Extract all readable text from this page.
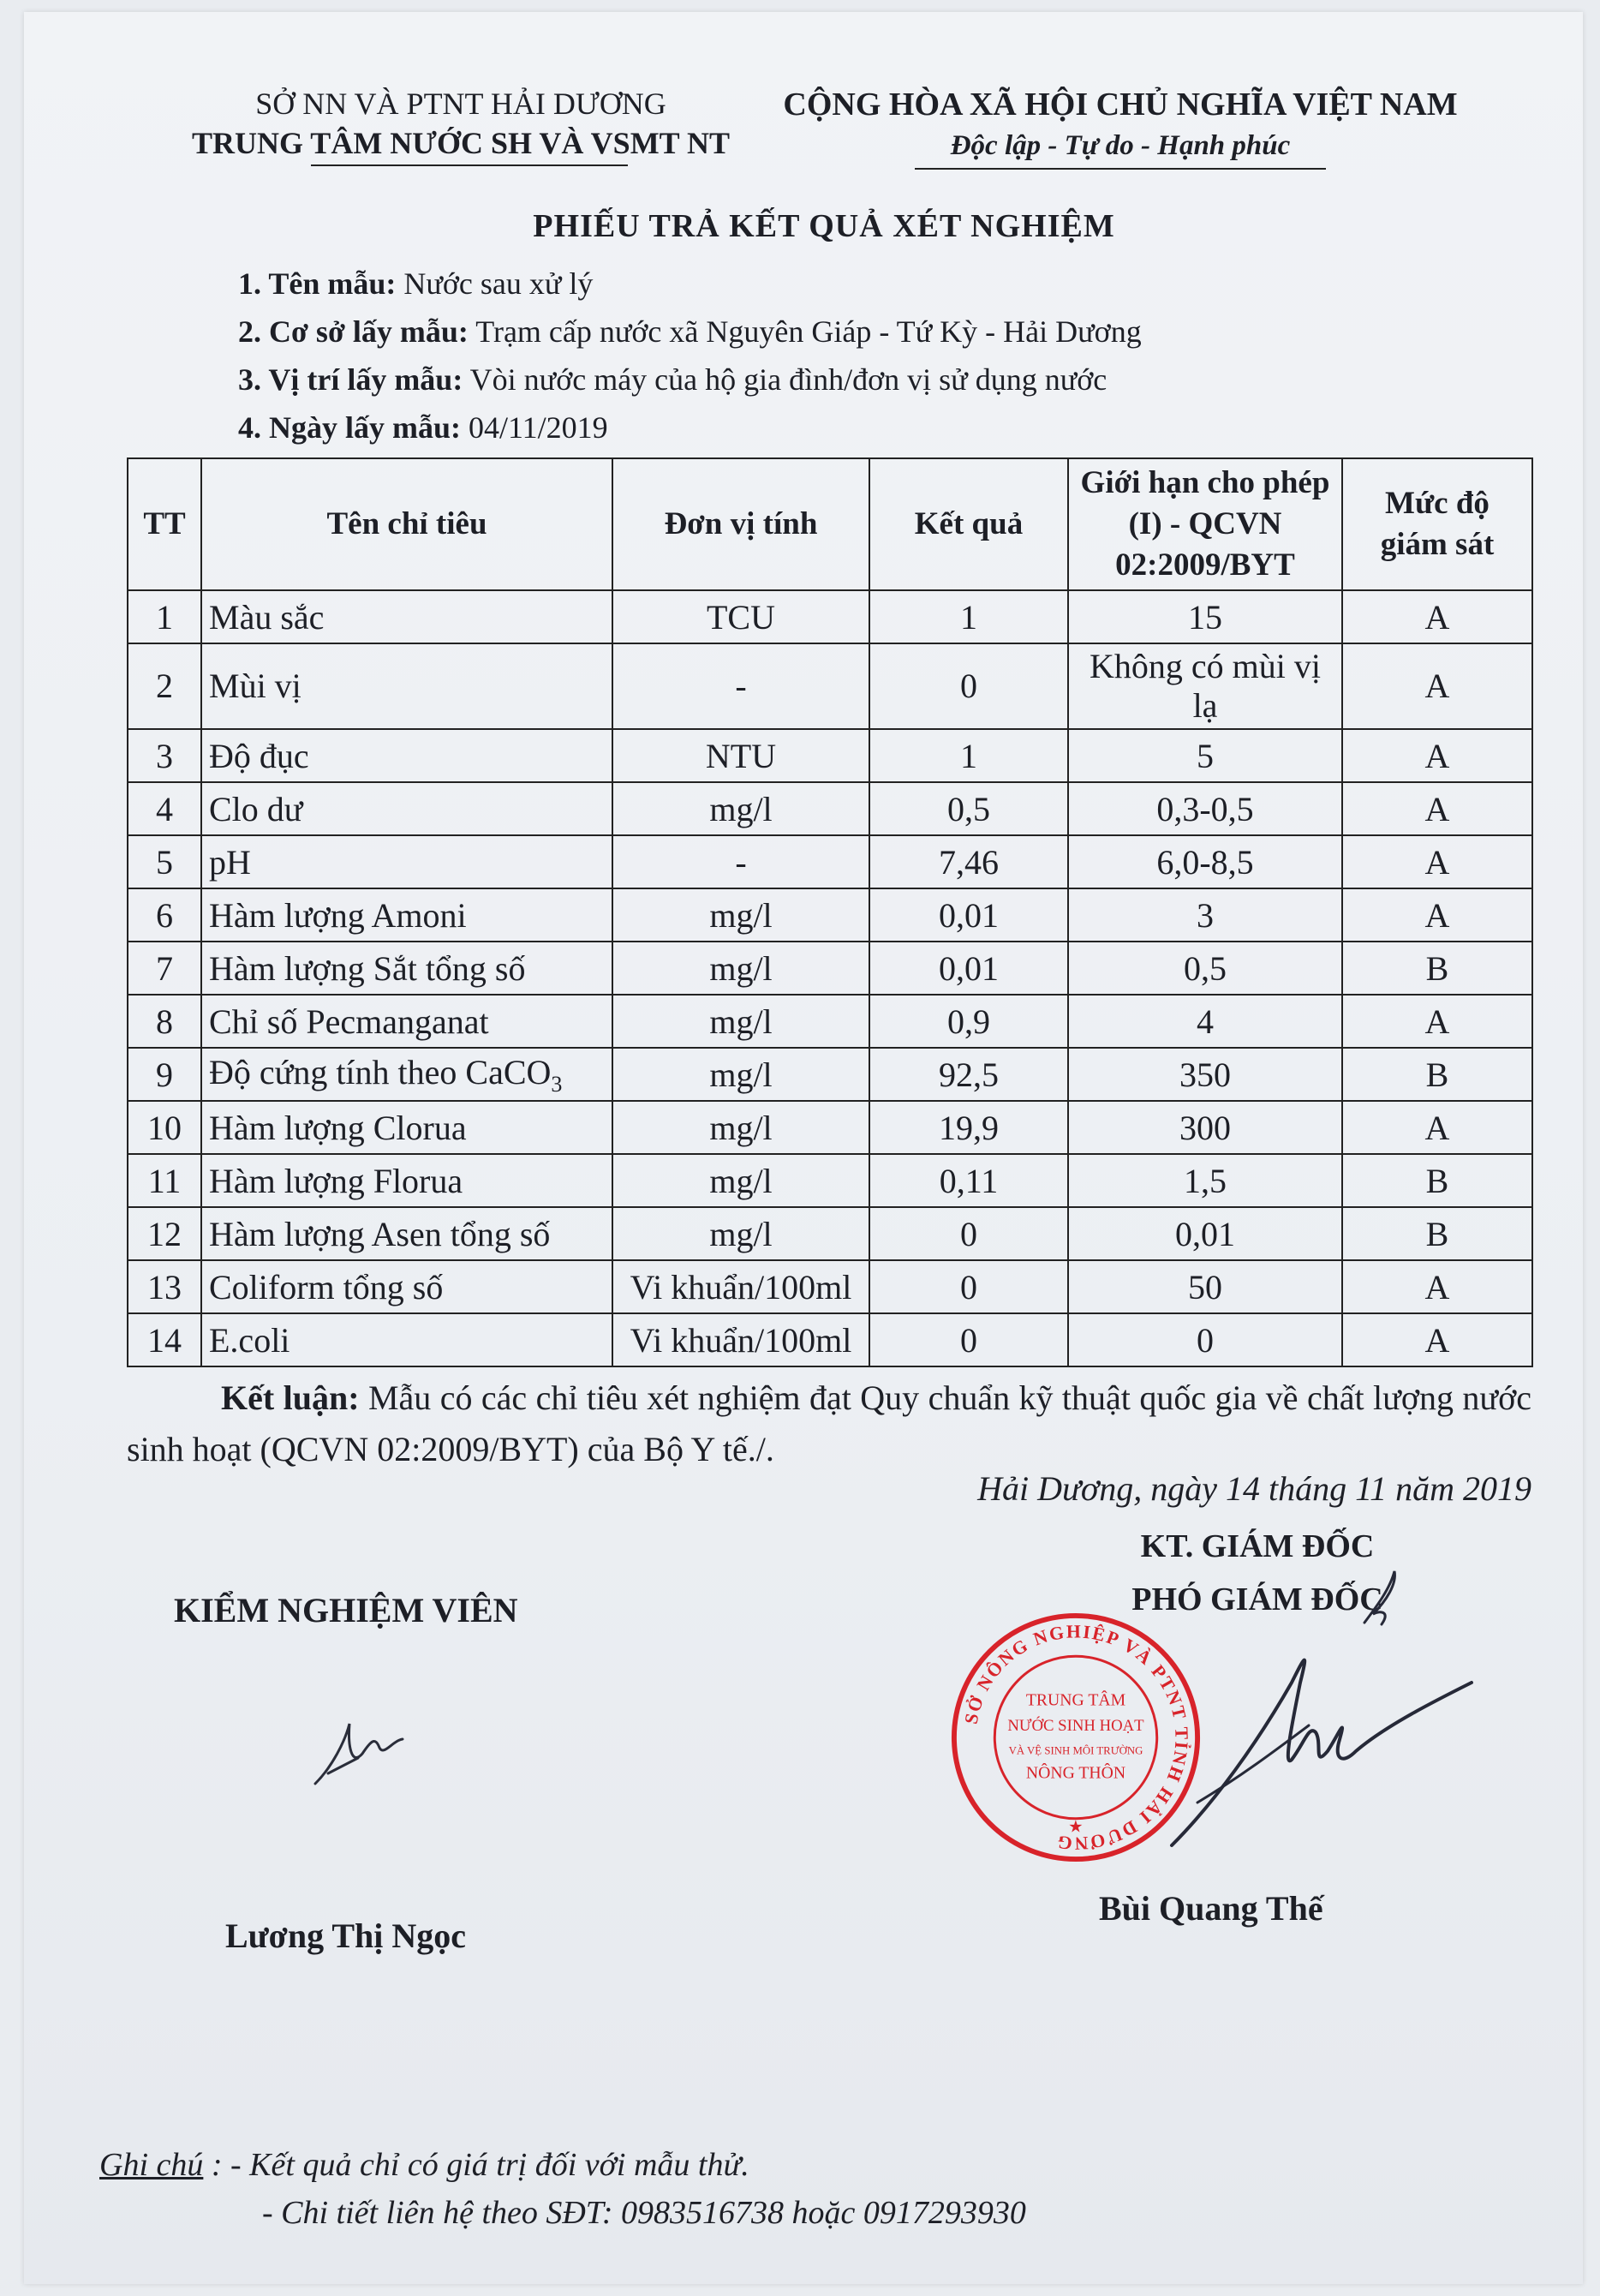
SỞ NN VÀ PTNT HẢI DƯƠNG
TRUNG TÂM NƯỚC SH VÀ VSMT NT
CỘNG HÒA XÃ HỘI CHỦ NGHĨA VIỆT NAM
Độc lập - Tự do - Hạnh phúc
PHIẾU TRẢ KẾT QUẢ XÉT NGHIỆM
1. Tên mẫu: Nước sau xử lý
2. Cơ sở lấy mẫu: Trạm cấp nước xã Nguyên Giáp - Tứ Kỳ - Hải Dương
3. Vị trí lấy mẫu: Vòi nước máy của hộ gia đình/đơn vị sử dụng nước
4. Ngày lấy mẫu: 04/11/2019
TT	Tên chỉ tiêu	Đơn vị tính	Kết quả	Giới hạn cho phép (I) - QCVN 02:2009/BYT	Mức độ giám sát
1	Màu sắc	TCU	1	15	A
2	Mùi vị	-	0	Không có mùi vị lạ	A
3	Độ đục	NTU	1	5	A
4	Clo dư	mg/l	0,5	0,3-0,5	A
5	pH	-	7,46	6,0-8,5	A
6	Hàm lượng Amoni	mg/l	0,01	3	A
7	Hàm lượng Sắt tổng số	mg/l	0,01	0,5	B
8	Chỉ số Pecmanganat	mg/l	0,9	4	A
9	Độ cứng tính theo CaCO$_3$	mg/l	92,5	350	B
10	Hàm lượng Clorua	mg/l	19,9	300	A
11	Hàm lượng Florua	mg/l	0,11	1,5	B
12	Hàm lượng Asen tổng số	mg/l	0	0,01	B
13	Coliform tổng số	Vi khuẩn/100ml	0	50	A
14	E.coli	Vi khuẩn/100ml	0	0	A
Kết luận: Mẫu có các chỉ tiêu xét nghiệm đạt Quy chuẩn kỹ thuật quốc gia về chất lượng nước sinh hoạt (QCVN 02:2009/BYT) của Bộ Y tế./.
Hải Dương, ngày 14 tháng 11 năm 2019
KT. GIÁM ĐỐC
PHÓ GIÁM ĐỐC
KIỂM NGHIỆM VIÊN
SỞ NÔNG NGHIỆP VÀ PTNT TỈNH HẢI DƯƠNG
TRUNG TÂM
NƯỚC SINH HOẠT
VÀ VỆ SINH MÔI TRƯỜNG
NÔNG THÔN
★
Lương Thị Ngọc
Bùi Quang Thế
Ghi chú : - Kết quả chỉ có giá trị đối với mẫu thử.
- Chi tiết liên hệ theo SĐT: 0983516738 hoặc 0917293930
